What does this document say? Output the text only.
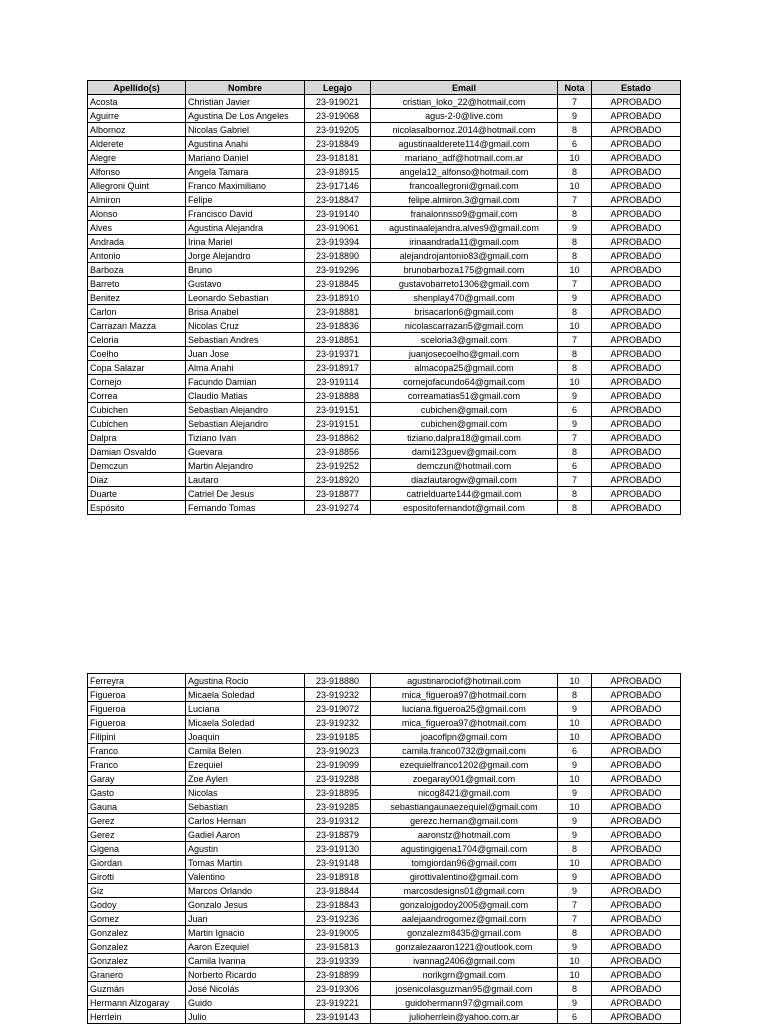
Apellido(s)	Nombre	Legajo	Email	Nota	Estado
Acosta	Christian Javier	23-919021	cristian_loko_22@hotmail.com	7	APROBADO
Aguirre	Agustina De Los Angeles	23-919068	agus-2-0@live.com	9	APROBADO
Albornoz	Nicolas Gabriel	23-919205	nicolasalbornoz.2014@hotmail.com	8	APROBADO
Alderete	Agustina Anahi	23-918849	agustinaalderete114@gmail.com	6	APROBADO
Alegre	Mariano Daniel	23-918181	mariano_adf@hotmail.com.ar	10	APROBADO
Alfonso	Angela Tamara	23-918915	angela12_alfonso@hotmail.com	8	APROBADO
Allegroni Quint	Franco Maximiliano	23-917146	francoallegroni@gmail.com	10	APROBADO
Almiron	Felipe	23-918847	felipe.almiron.3@gmail.com	7	APROBADO
Alonso	Francisco David	23-919140	franalonnsso9@gmail.com	8	APROBADO
Alves	Agustina Alejandra	23-919061	agustinaalejandra.alves9@gmail.com	9	APROBADO
Andrada	Irina Mariel	23-919394	irinaandrada11@gmail.com	8	APROBADO
Antonio	Jorge Alejandro	23-918890	alejandrojantonio83@gmail.com	8	APROBADO
Barboza	Bruno	23-919296	brunobarboza175@gmail.com	10	APROBADO
Barreto	Gustavo	23-918845	gustavobarreto1306@gmail.com	7	APROBADO
Benitez	Leonardo Sebastian	23-918910	shenplay470@gmail.com	9	APROBADO
Carlon	Brisa Anabel	23-918881	brisacarlon6@gmail.com	8	APROBADO
Carrazan Mazza	Nicolas Cruz	23-918836	nicolascarrazan5@gmail.com	10	APROBADO
Celoria	Sebastian Andres	23-918851	sceloria3@gmail.com	7	APROBADO
Coelho	Juan Jose	23-919371	juanjosecoelho@gmail.com	8	APROBADO
Copa Salazar	Alma Anahi	23-918917	almacopa25@gmail.com	8	APROBADO
Cornejo	Facundo Damian	23-919114	cornejofacundo64@gmail.com	10	APROBADO
Correa	Claudio Matias	23-918888	correamatias51@gmail.com	9	APROBADO
Cubichen	Sebastian Alejandro	23-919151	cubichen@gmail.com	6	APROBADO
Cubichen	Sebastian Alejandro	23-919151	cubichen@gmail.com	9	APROBADO
Dalpra	Tiziano Ivan	23-918862	tiziano.dalpra18@gmail.com	7	APROBADO
Damian Osvaldo	Guevara	23-918856	dami123guev@gmail.com	8	APROBADO
Demczun	Martin Alejandro	23-919252	demczun@hotmail.com	6	APROBADO
Diaz	Lautaro	23-918920	diazlautarogw@gmail.com	7	APROBADO
Duarte	Catriel De Jesus	23-918877	catrielduarte144@gmail.com	8	APROBADO
Espósito	Fernando Tomas	23-919274	espositofernandot@gmail.com	8	APROBADO
Ferreyra	Agustina Rocio	23-918880	agustinarociof@hotmail.com	10	APROBADO
Figueroa	Micaela Soledad	23-919232	mica_figueroa97@hotmail.com	8	APROBADO
Figueroa	Luciana	23-919072	luciana.figueroa25@gmail.com	9	APROBADO
Figueroa	Micaela Soledad	23-919232	mica_figueroa97@hotmail.com	10	APROBADO
Filipini	Joaquin	23-919185	joacoflpn@gmail.com	10	APROBADO
Franco	Camila Belen	23-919023	camila.franco0732@gmail.com	6	APROBADO
Franco	Ezequiel	23-919099	ezequielfranco1202@gmail.com	9	APROBADO
Garay	Zoe Aylen	23-919288	zoegaray001@gmail.com	10	APROBADO
Gasto	Nicolas	23-918895	nicog8421@gmail.com	9	APROBADO
Gauna	Sebastian	23-919285	sebastiangaunaezequiel@gmail.com	10	APROBADO
Gerez	Carlos Hernan	23-919312	gerezc.hernan@gmail.com	9	APROBADO
Gerez	Gadiel Aaron	23-918879	aaronstz@hotmail.com	9	APROBADO
Gigena	Agustin	23-919130	agustingigena1704@gmail.com	8	APROBADO
Giordan	Tomas Martin	23-919148	tomgiordan96@gmail.com	10	APROBADO
Girotti	Valentino	23-918918	girottivalentino@gmail.com	9	APROBADO
Giz	Marcos Orlando	23-918844	marcosdesigns01@gmail.com	9	APROBADO
Godoy	Gonzalo Jesus	23-918843	gonzalojgodoy2005@gmail.com	7	APROBADO
Gomez	Juan	23-919236	aalejaandrogomez@gmail.com	7	APROBADO
Gonzalez	Martin Ignacio	23-919005	gonzalezm8435@gmail.com	8	APROBADO
Gonzalez	Aaron Ezequiel	23-915813	gonzalezaaron1221@outlook.com	9	APROBADO
Gonzalez	Camila Ivanna	23-919339	ivannag2406@gmail.com	10	APROBADO
Granero	Norberto Ricardo	23-918899	norikgrn@gmail.com	10	APROBADO
Guzmán	José Nicolás	23-919306	josenicolasguzman95@gmail.com	8	APROBADO
Hermann Alzogaray	Guido	23-919221	guidohermann97@gmail.com	9	APROBADO
Herrlein	Julio	23-919143	julioherrlein@yahoo.com.ar	6	APROBADO
